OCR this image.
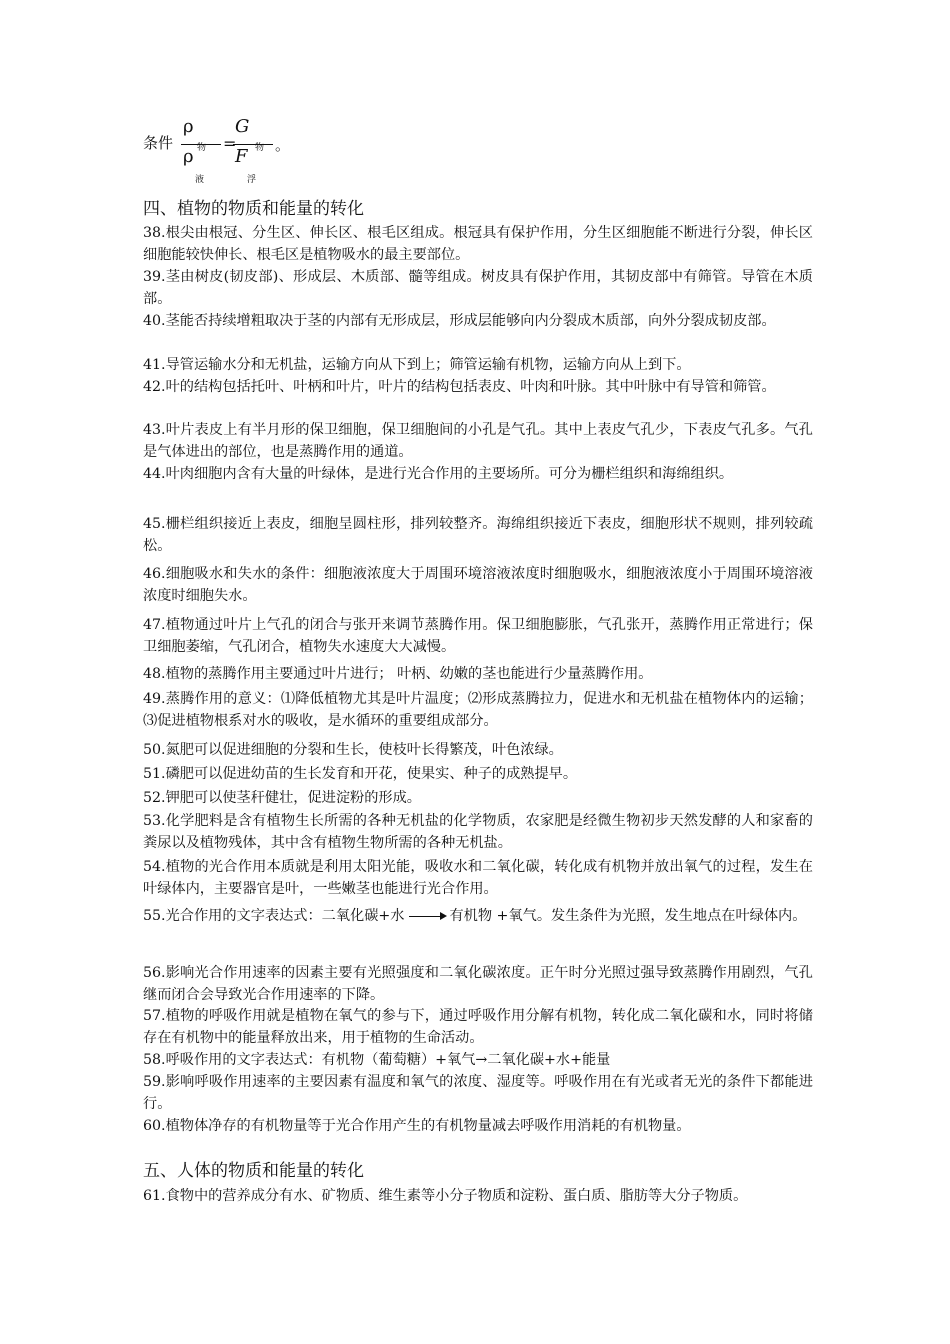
条件
ρ
物
ρ
液
=
G
物
F
浮
。
四、植物的物质和能量的转化
38.根尖由根冠、分生区、伸长区、根毛区组成。根冠具有保护作用，分生区细胞能不断进行分裂，伸长区细胞能较快伸长、根毛区是植物吸水的最主要部位。
39.茎由树皮(韧皮部)、形成层、木质部、髓等组成。树皮具有保护作用，其韧皮部中有筛管。导管在木质部。
40.茎能否持续增粗取决于茎的内部有无形成层，形成层能够向内分裂成木质部，向外分裂成韧皮部。
41.导管运输水分和无机盐，运输方向从下到上；筛管运输有机物，运输方向从上到下。
42.叶的结构包括托叶、叶柄和叶片，叶片的结构包括表皮、叶肉和叶脉。其中叶脉中有导管和筛管。
43.叶片表皮上有半月形的保卫细胞，保卫细胞间的小孔是气孔。其中上表皮气孔少，下表皮气孔多。气孔是气体进出的部位，也是蒸腾作用的通道。
44.叶肉细胞内含有大量的叶绿体，是进行光合作用的主要场所。可分为栅栏组织和海绵组织。
45.栅栏组织接近上表皮，细胞呈圆柱形，排列较整齐。海绵组织接近下表皮，细胞形状不规则，排列较疏松。
46.细胞吸水和失水的条件：细胞液浓度大于周围环境溶液浓度时细胞吸水，细胞液浓度小于周围环境溶液浓度时细胞失水。
47.植物通过叶片上气孔的闭合与张开来调节蒸腾作用。保卫细胞膨胀，气孔张开，蒸腾作用正常进行；保卫细胞萎缩，气孔闭合，植物失水速度大大减慢。
48.植物的蒸腾作用主要通过叶片进行； 叶柄、幼嫩的茎也能进行少量蒸腾作用。
49.蒸腾作用的意义：⑴降低植物尤其是叶片温度；⑵形成蒸腾拉力，促进水和无机盐在植物体内的运输；⑶促进植物根系对水的吸收，是水循环的重要组成部分。
50.氮肥可以促进细胞的分裂和生长，使枝叶长得繁茂，叶色浓绿。
51.磷肥可以促进幼苗的生长发育和开花，使果实、种子的成熟提早。
52.钾肥可以使茎秆健壮，促进淀粉的形成。
53.化学肥料是含有植物生长所需的各种无机盐的化学物质，农家肥是经微生物初步天然发酵的人和家畜的粪尿以及植物残体，其中含有植物生物所需的各种无机盐。
54.植物的光合作用本质就是利用太阳光能，吸收水和二氧化碳，转化成有机物并放出氧气的过程，发生在叶绿体内，主要器官是叶，一些嫩茎也能进行光合作用。
55.光合作用的文字表达式：二氧化碳+水	有机物 +氧气。发生条件为光照，发生地点在叶绿体内。
56.影响光合作用速率的因素主要有光照强度和二氧化碳浓度。正午时分光照过强导致蒸腾作用剧烈，气孔继而闭合会导致光合作用速率的下降。
57.植物的呼吸作用就是植物在氧气的参与下，通过呼吸作用分解有机物，转化成二氧化碳和水，同时将储存在有机物中的能量释放出来，用于植物的生命活动。
58.呼吸作用的文字表达式：有机物（葡萄糖）+氧气→二氧化碳+水+能量
59.影响呼吸作用速率的主要因素有温度和氧气的浓度、湿度等。呼吸作用在有光或者无光的条件下都能进行。
60.植物体净存的有机物量等于光合作用产生的有机物量减去呼吸作用消耗的有机物量。
五、人体的物质和能量的转化
61.食物中的营养成分有水、矿物质、维生素等小分子物质和淀粉、蛋白质、脂肪等大分子物质。
